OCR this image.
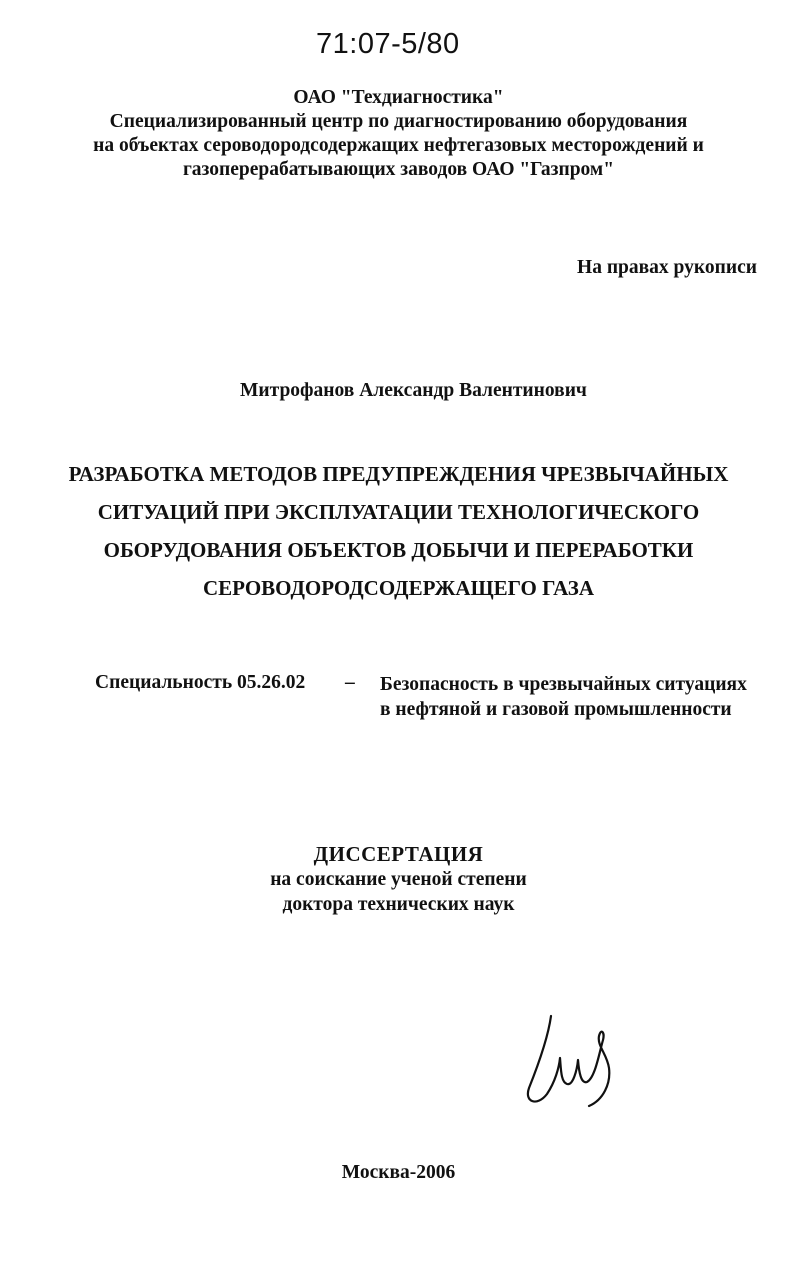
71:07-5/80
ОАО "Техдиагностика"
Специализированный центр по диагностированию оборудования
на объектах сероводородсодержащих нефтегазовых месторождений и
газоперерабатывающих заводов ОАО "Газпром"
На правах рукописи
Митрофанов Александр Валентинович
РАЗРАБОТКА МЕТОДОВ ПРЕДУПРЕЖДЕНИЯ ЧРЕЗВЫЧАЙНЫХ
СИТУАЦИЙ ПРИ ЭКСПЛУАТАЦИИ ТЕХНОЛОГИЧЕСКОГО
ОБОРУДОВАНИЯ ОБЪЕКТОВ ДОБЫЧИ И ПЕРЕРАБОТКИ
СЕРОВОДОРОДСОДЕРЖАЩЕГО ГАЗА
Специальность 05.26.02 – Безопасность в чрезвычайных ситуациях
в нефтяной и газовой промышленности
ДИССЕРТАЦИЯ
на соискание ученой степени
доктора технических наук
Москва-2006
